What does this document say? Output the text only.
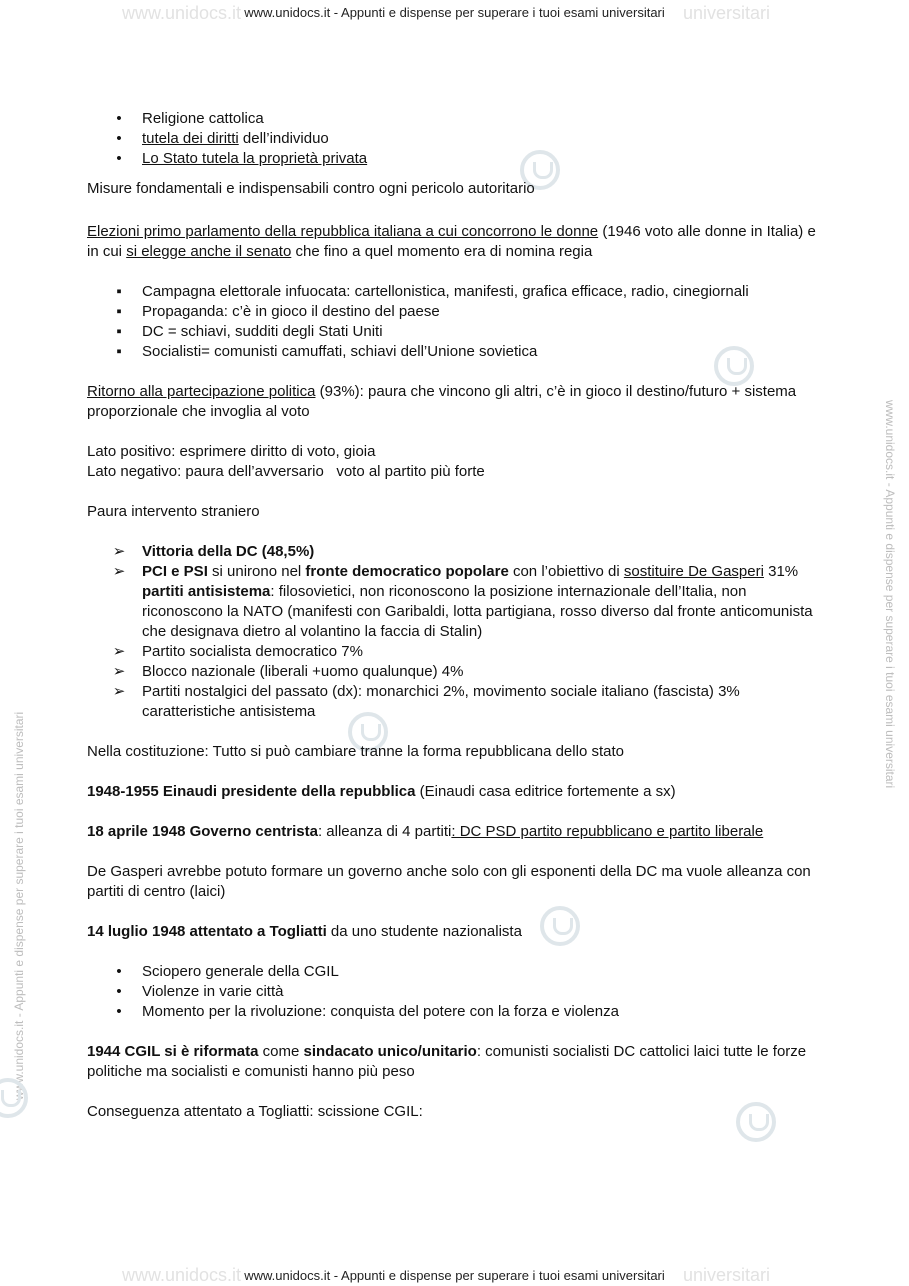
www.unidocs.it	universitari
www.unidocs.it - Appunti e dispense per superare i tuoi esami universitari
www.unidocs.it	universitari
www.unidocs.it - Appunti e dispense per superare i tuoi esami universitari
www.unidocs.it - Appunti e dispense per superare i tuoi esami universitari
www.unidocs.it - Appunti e dispense per superare i tuoi esami universitari
• Religione cattolica
• tutela dei diritti dell’individuo
• Lo Stato tutela la proprietà privata

Misure fondamentali e indispensabili contro ogni pericolo autoritario

Elezioni primo parlamento della repubblica italiana a cui concorrono le donne (1946 voto alle donne in Italia) e in cui si elegge anche il senato che fino a quel momento era di nomina regia

▪ Campagna elettorale infuocata: cartellonistica, manifesti, grafica efficace, radio, cinegiornali
▪ Propaganda: c’è in gioco il destino del paese
▪ DC = schiavi, sudditi degli Stati Uniti
▪ Socialisti= comunisti camuffati, schiavi dell’Unione sovietica

Ritorno alla partecipazione politica (93%): paura che vincono gli altri, c’è in gioco il destino/futuro + sistema proporzionale che invoglia al voto

Lato positivo: esprimere diritto di voto, gioia

Lato negativo: paura dell’avversario   voto al partito più forte

Paura intervento straniero

➢ Vittoria della DC (48,5%)
➢ PCI e PSI si unirono nel fronte democratico popolare con l’obiettivo di sostituire De Gasperi 31% partiti antisistema: filosovietici, non riconoscono la posizione internazionale dell’Italia, non riconoscono la NATO (manifesti con Garibaldi, lotta partigiana, rosso diverso dal fronte anticomunista che designava dietro al volantino la faccia di Stalin)
➢ Partito socialista democratico 7%
➢ Blocco nazionale (liberali +uomo qualunque) 4%
➢ Partiti nostalgici del passato (dx): monarchici 2%, movimento sociale italiano (fascista) 3% caratteristiche antisistema

Nella costituzione: Tutto si può cambiare tranne la forma repubblicana dello stato

1948-1955 Einaudi presidente della repubblica (Einaudi casa editrice fortemente a sx)

18 aprile 1948 Governo centrista: alleanza di 4 partiti: DC PSD partito repubblicano e partito liberale

De Gasperi avrebbe potuto formare un governo anche solo con gli esponenti della DC ma vuole alleanza con partiti di centro (laici)

14 luglio 1948 attentato a Togliatti da uno studente nazionalista

• Sciopero generale della CGIL
• Violenze in varie città
• Momento per la rivoluzione: conquista del potere con la forza e violenza

1944 CGIL si è riformata come sindacato unico/unitario: comunisti socialisti DC cattolici laici tutte le forze politiche ma socialisti e comunisti hanno più peso

Conseguenza attentato a Togliatti: scissione CGIL:
